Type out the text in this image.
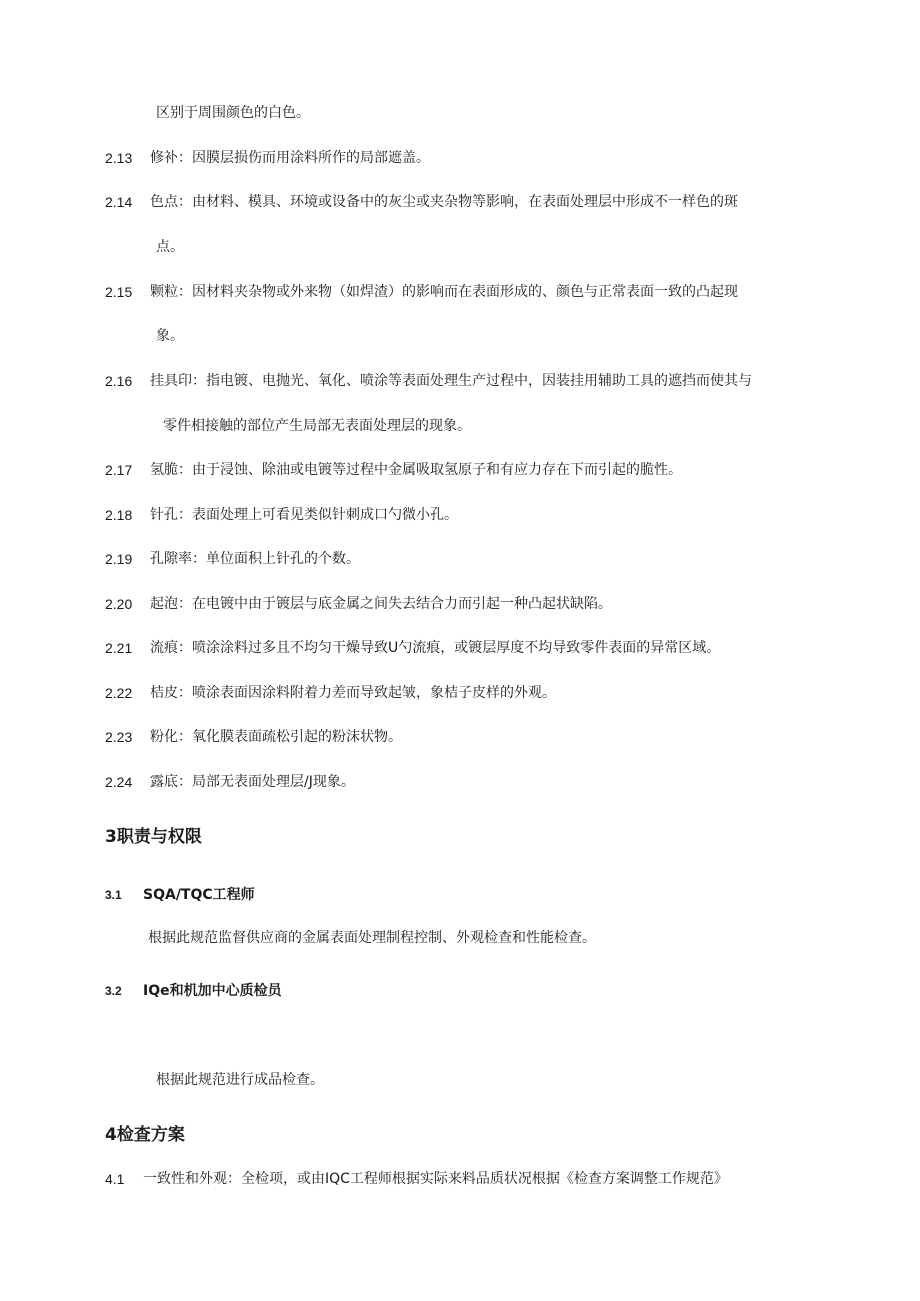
区别于周围颜色的白色。
2.13 修补：因膜层损伤而用涂料所作的局部遮盖。
2.14 色点：由材料、模具、环境或设备中的灰尘或夹杂物等影响，在表面处理层中形成不一样色的斑
点。
2.15 颗粒：因材料夹杂物或外来物（如焊渣）的影响而在表面形成的、颜色与正常表面一致的凸起现
象。
2.16 挂具印：指电镀、电抛光、氧化、喷涂等表面处理生产过程中，因装挂用辅助工具的遮挡而使其与
零件相接触的部位产生局部无表面处理层的现象。
2.17 氢脆：由于浸蚀、除油或电镀等过程中金属吸取氢原子和有应力存在下而引起的脆性。
2.18 针孔：表面处理上可看见类似针刺成口勺微小孔。
2.19 孔隙率：单位面积上针孔的个数。
2.20 起泡：在电镀中由于镀层与底金属之间失去结合力而引起一种凸起状缺陷。
2.21 流痕：喷涂涂料过多且不均匀干燥导致U勺流痕，或镀层厚度不均导致零件表面的异常区域。
2.22 桔皮：喷涂表面因涂料附着力差而导致起皱，象桔子皮样的外观。
2.23 粉化：氧化膜表面疏松引起的粉沫状物。
2.24 露底：局部无表面处理层/J现象。
3职责与权限
3.1 SQA/TQC工程师
根据此规范监督供应商的金属表面处理制程控制、外观检查和性能检查。
3.2 IQe和机加中心质检员
根据此规范进行成品检查。
4检查方案
4.1 一致性和外观：全检项，或由IQC工程师根据实际来料品质状况根据《检查方案调整工作规范》
